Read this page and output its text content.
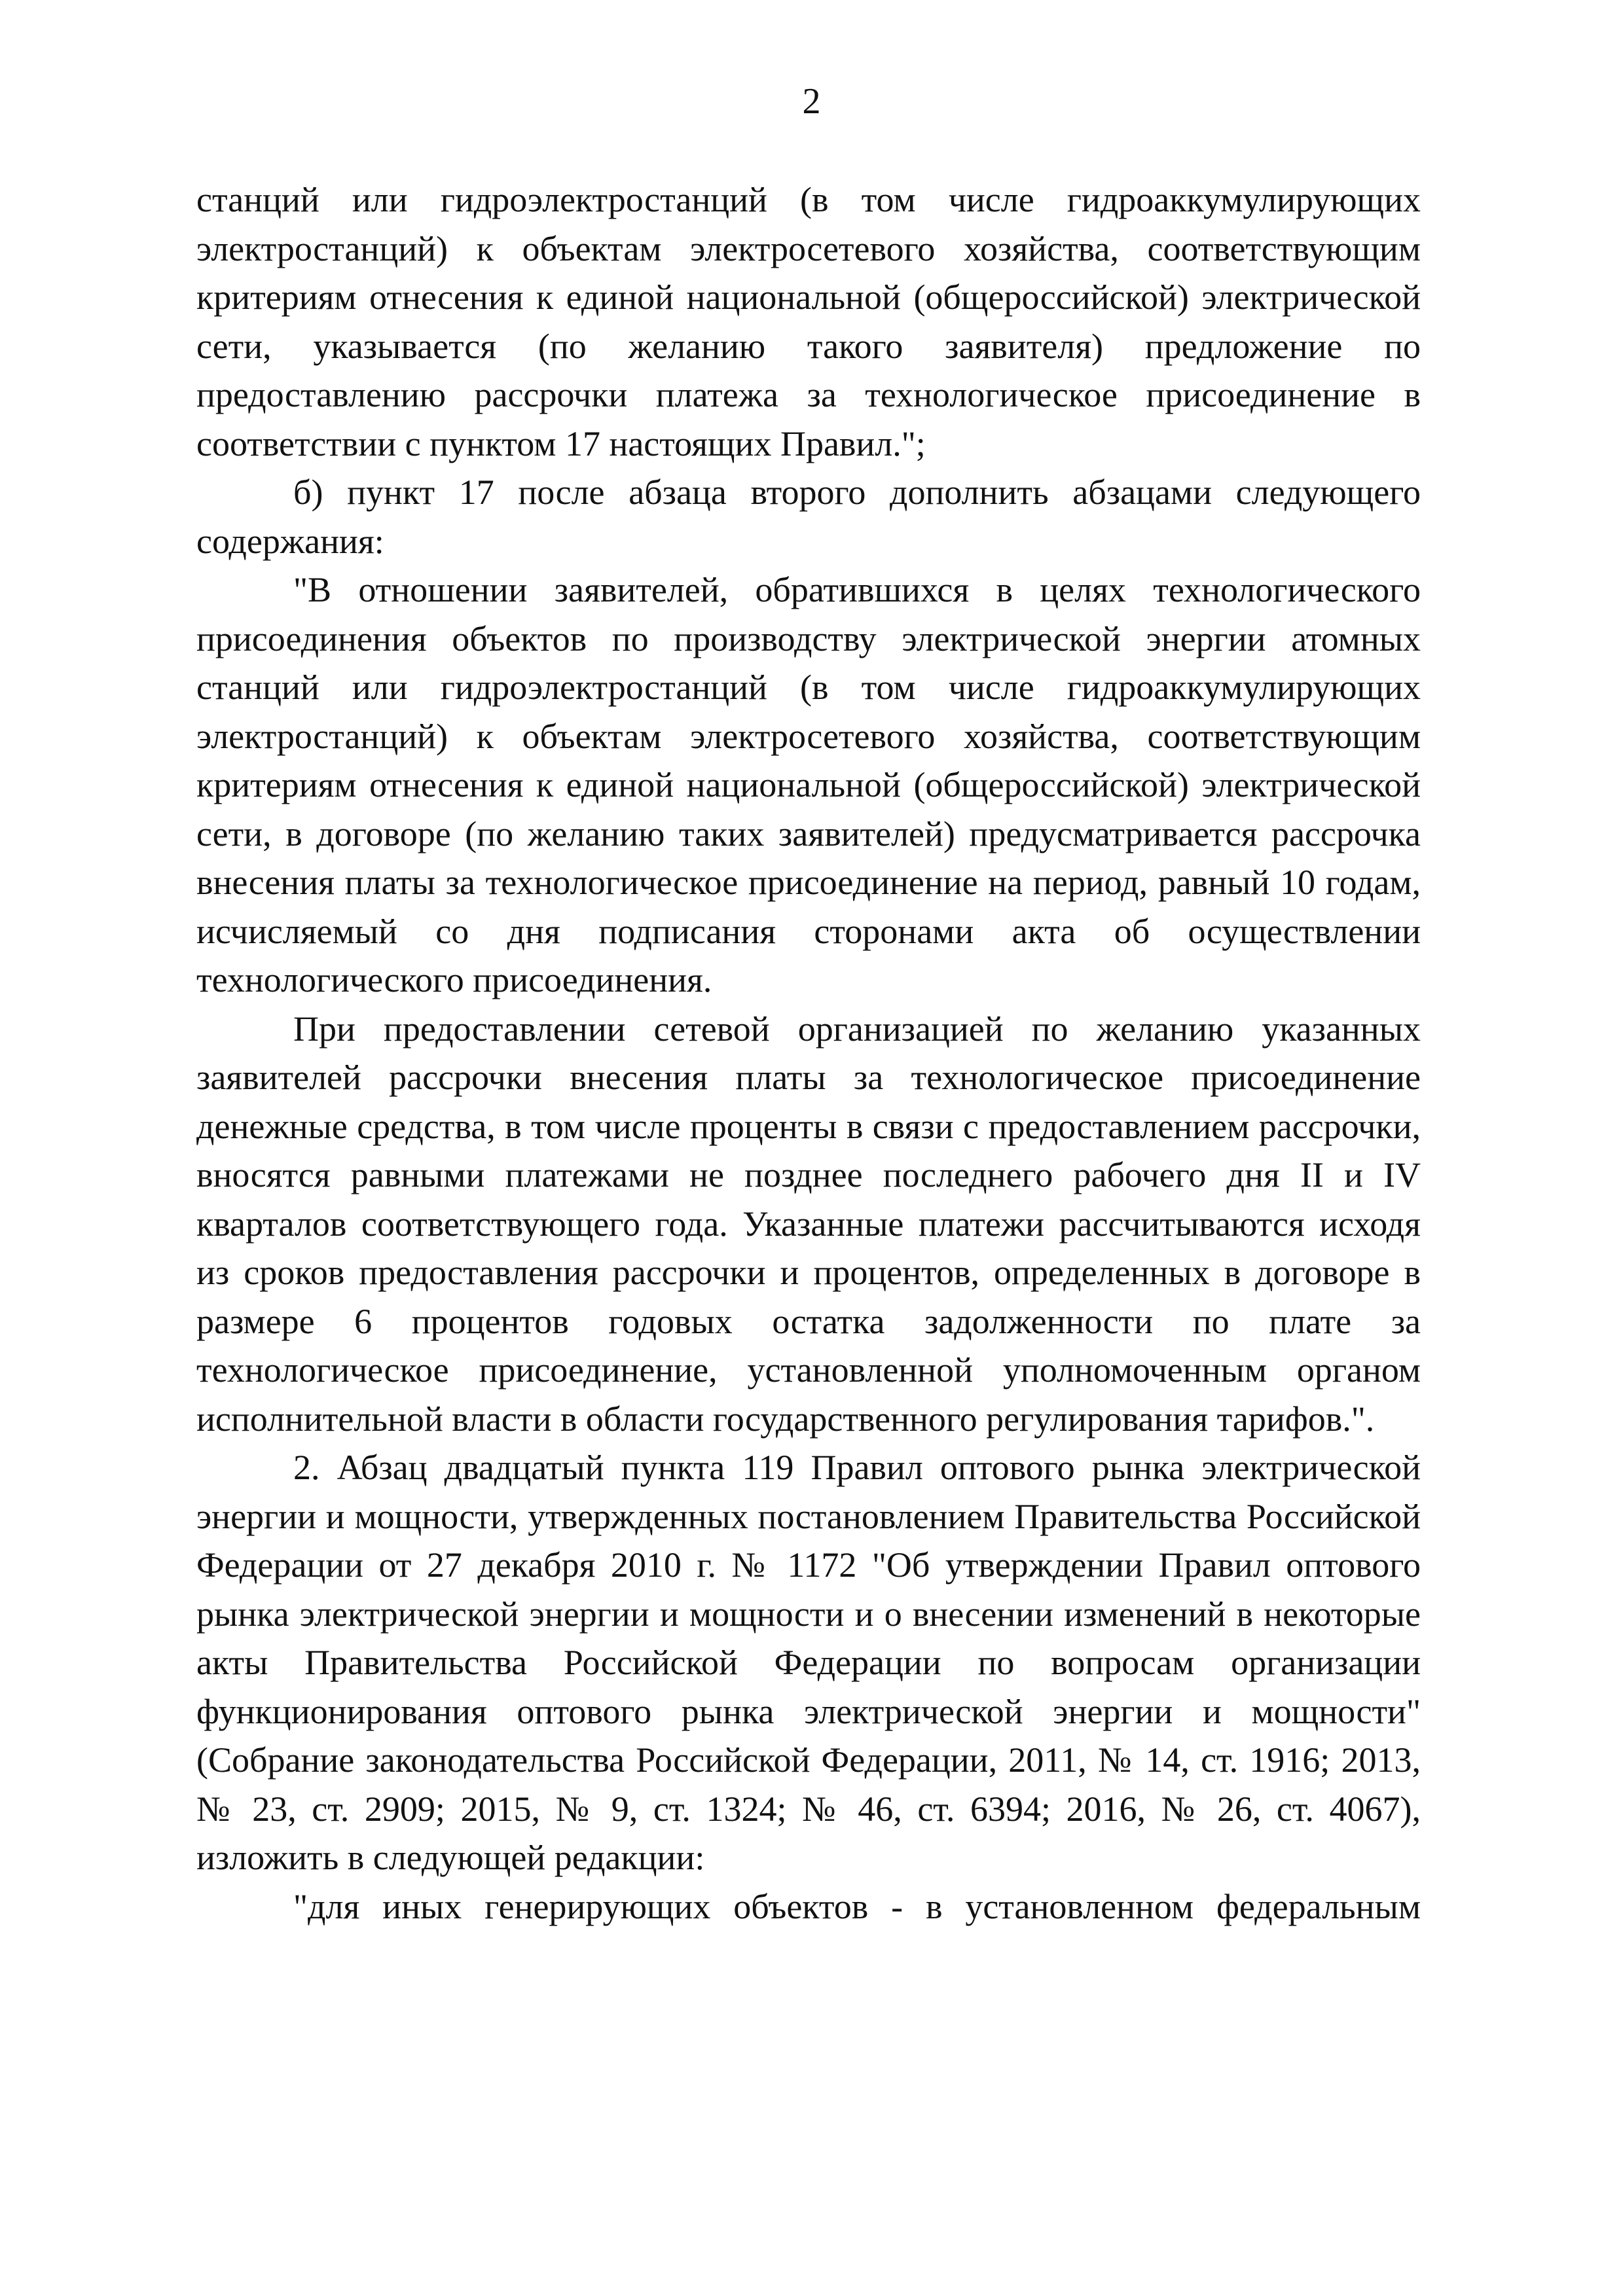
2

станций или гидроэлектростанций (в том числе гидроаккумулирующих электростанций) к объектам электросетевого хозяйства, соответствующим критериям отнесения к единой национальной (общероссийской) электрической сети, указывается (по желанию такого заявителя) предложение по предоставлению рассрочки платежа за технологическое присоединение в соответствии с пунктом 17 настоящих Правил.";

б) пункт 17 после абзаца второго дополнить абзацами следующего содержания:

"В отношении заявителей, обратившихся в целях технологического присоединения объектов по производству электрической энергии атомных станций или гидроэлектростанций (в том числе гидроаккумулирующих электростанций) к объектам электросетевого хозяйства, соответствующим критериям отнесения к единой национальной (общероссийской) электрической сети, в договоре (по желанию таких заявителей) предусматривается рассрочка внесения платы за технологическое присоединение на период, равный 10 годам, исчисляемый со дня подписания сторонами акта об осуществлении технологического присоединения.

При предоставлении сетевой организацией по желанию указанных заявителей рассрочки внесения платы за технологическое присоединение денежные средства, в том числе проценты в связи с предоставлением рассрочки, вносятся равными платежами не позднее последнего рабочего дня II и IV кварталов соответствующего года. Указанные платежи рассчитываются исходя из сроков предоставления рассрочки и процентов, определенных в договоре в размере 6 процентов годовых остатка задолженности по плате за технологическое присоединение, установленной уполномоченным органом исполнительной власти в области государственного регулирования тарифов.".

2. Абзац двадцатый пункта 119 Правил оптового рынка электрической энергии и мощности, утвержденных постановлением Правительства Российской Федерации от 27 декабря 2010 г. № 1172 "Об утверждении Правил оптового рынка электрической энергии и мощности и о внесении изменений в некоторые акты Правительства Российской Федерации по вопросам организации функционирования оптового рынка электрической энергии и мощности" (Собрание законодательства Российской Федерации, 2011, № 14, ст. 1916; 2013, № 23, ст. 2909; 2015, № 9, ст. 1324; № 46, ст. 6394; 2016, № 26, ст. 4067), изложить в следующей редакции:

"для иных генерирующих объектов - в установленном федеральным
